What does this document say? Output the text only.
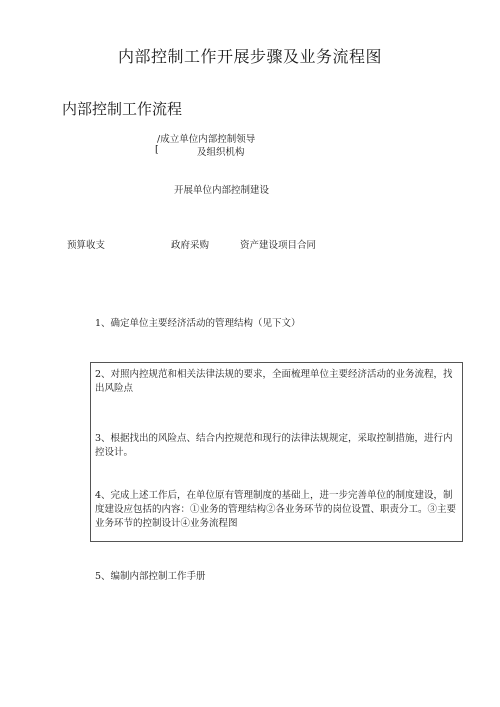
内部控制工作开展步骤及业务流程图
内部控制工作流程
/成立单位内部控制领导
[	及组织机构
开展单位内部控制建设
预算收支	政府采购	资产建设项目合同
1、确定单位主要经济活动的管理结构（见下文）
2、对照内控规范和相关法律法规的要求，全面梳理单位主要经济活动的业务流程，找出风险点
3、根据找出的风险点、结合内控规范和现行的法律法规规定，采取控制措施，进行内控设计。
4、完成上述工作后，在单位原有管理制度的基础上，进一步完善单位的制度建设，制度建设应包括的内容：①业务的管理结构②各业务环节的岗位设置、职责分工。③主要业务环节的控制设计④业务流程图
5、编制内部控制工作手册
